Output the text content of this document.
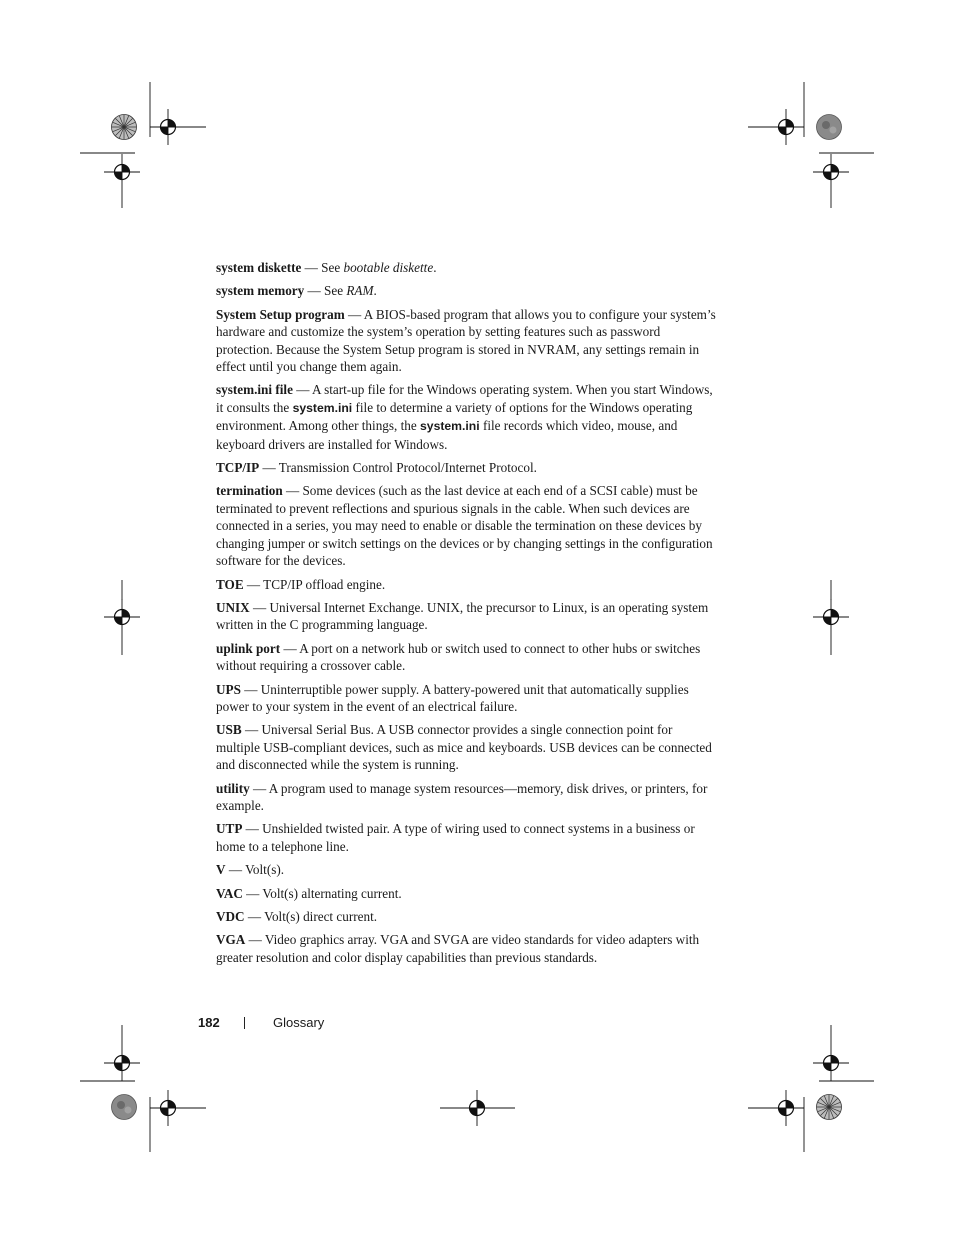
system diskette — See bootable diskette.

system memory — See RAM.

System Setup program — A BIOS-based program that allows you to configure your system’s hardware and customize the system’s operation by setting features such as password protection. Because the System Setup program is stored in NVRAM, any settings remain in effect until you change them again.

system.ini file — A start-up file for the Windows operating system. When you start Windows, it consults the system.ini file to determine a variety of options for the Windows operating environment. Among other things, the system.ini file records which video, mouse, and keyboard drivers are installed for Windows.

TCP/IP — Transmission Control Protocol/Internet Protocol.

termination — Some devices (such as the last device at each end of a SCSI cable) must be terminated to prevent reflections and spurious signals in the cable. When such devices are connected in a series, you may need to enable or disable the termination on these devices by changing jumper or switch settings on the devices or by changing settings in the configuration software for the devices.

TOE — TCP/IP offload engine.

UNIX — Universal Internet Exchange. UNIX, the precursor to Linux, is an operating system written in the C programming language.

uplink port — A port on a network hub or switch used to connect to other hubs or switches without requiring a crossover cable.

UPS — Uninterruptible power supply. A battery-powered unit that automatically supplies power to your system in the event of an electrical failure.

USB — Universal Serial Bus. A USB connector provides a single connection point for multiple USB-compliant devices, such as mice and keyboards. USB devices can be connected and disconnected while the system is running.

utility — A program used to manage system resources—memory, disk drives, or printers, for example.

UTP — Unshielded twisted pair. A type of wiring used to connect systems in a business or home to a telephone line.

V — Volt(s).

VAC — Volt(s) alternating current.

VDC — Volt(s) direct current.

VGA — Video graphics array. VGA and SVGA are video standards for video adapters with greater resolution and color display capabilities than previous standards.

182	Glossary
